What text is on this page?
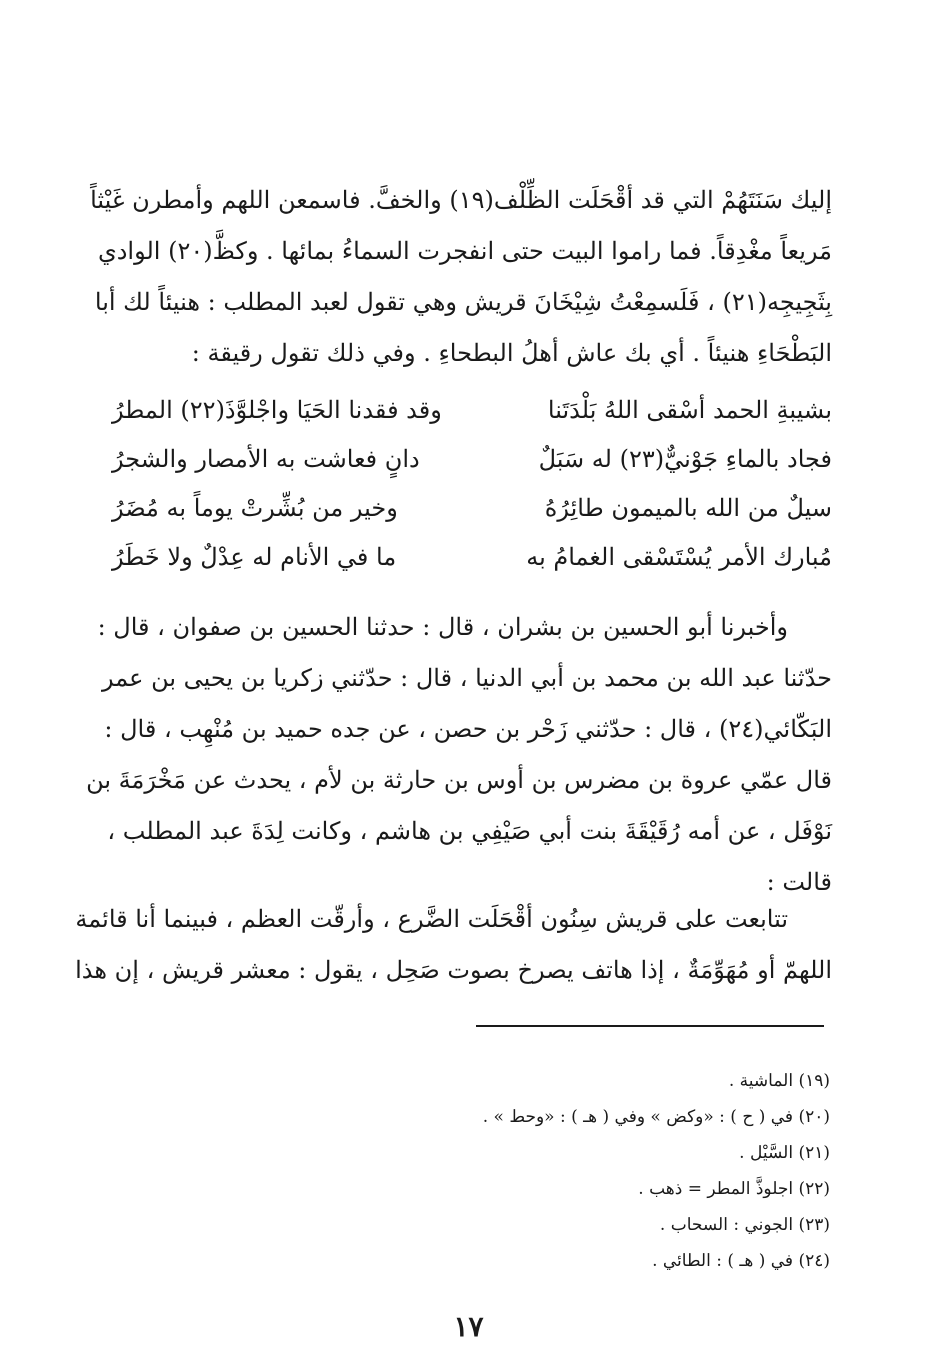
إليك سَنَتَهُمْ التي قد أقْحَلَت الظِّلْف(١٩) والخفَّ. فاسمعن اللهم وأمطرن غَيْثاً
مَريعاً مغْدِقاً. فما راموا البيت حتى انفجرت السماءُ بمائها . وكظَّ(٢٠) الوادي
بِثَجِيجِه(٢١) ، فَلَسمِعْتُ شِيْخَانَ قريش وهي تقول لعبد المطلب : هنيئاً لك أبا
البَطْحَاءِ هنيئاً . أي بك عاش أهلُ البطحاءِ . وفي ذلك تقول رقيقة :
بشيبةِ الحمد أسْقى اللهُ بَلْدَتَنا
وقد فقدنا الحَيَا واجْلوَّذَ(٢٢) المطرُ
فجاد بالماءِ جَوْنيٌّ(٢٣) له سَبَلٌ
دانٍ فعاشت به الأمصار والشجرُ
سيلٌ من الله بالميمون طائِرُهُ
وخير من بُشِّرتْ يوماً به مُضَرُ
مُبارك الأمر يُسْتَسْقى الغمامُ به
ما في الأنام له عِدْلٌ ولا خَطَرُ
وأخبرنا أبو الحسين بن بشران ، قال : حدثنا الحسين بن صفوان ، قال :
حدّثنا عبد الله بن محمد بن أبي الدنيا ، قال : حدّثني زكريا بن يحيى بن عمر
البَكّائي(٢٤) ، قال : حدّثني زَحْر بن حصن ، عن جده حميد بن مُنْهِب ، قال :
قال عمّي عروة بن مضرس بن أوس بن حارثة بن لأم ، يحدث عن مَخْرَمَةَ بن
نَوْفَل ، عن أمه رُقَيْقَةَ بنت أبي صَيْفِي بن هاشم ، وكانت لِدَةَ عبد المطلب ،
قالت :
تتابعت على قريش سِنُون أقْحَلَت الضَّرع ، وأرقّت العظم ، فبينما أنا قائمة
اللهمّ أو مُهَوِّمَةٌ ، إذا هاتف يصرخ بصوت صَحِل ، يقول : معشر قريش ، إن هذا
(١٩) الماشية .
(٢٠) في ( ح ) : «وكض » وفي ( هـ ) : «وحط » .
(٢١) السَّيْل .
(٢٢) اجلوذَّ المطر = ذهب .
(٢٣) الجوني : السحاب .
(٢٤) في ( هـ ) : الطائي .
١٧
